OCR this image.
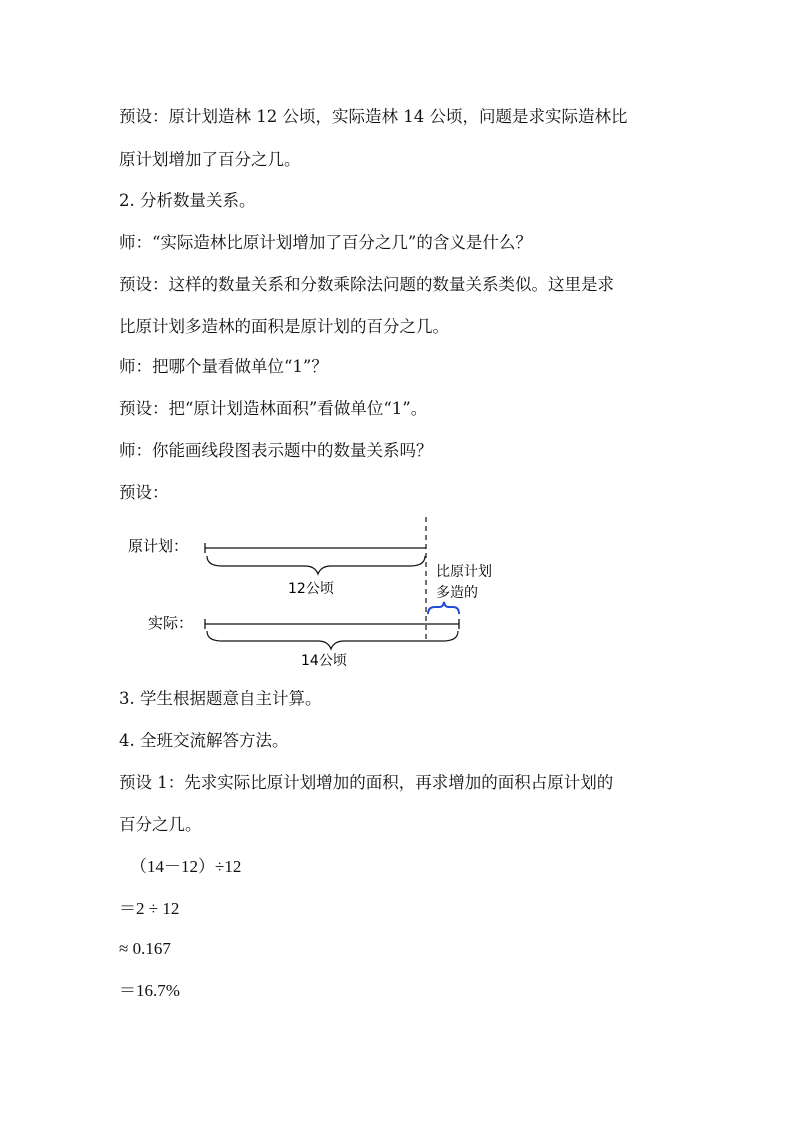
预设：原计划造林 12 公顷，实际造林 14 公顷，问题是求实际造林比
原计划增加了百分之几。
2. 分析数量关系。
师：“实际造林比原计划增加了百分之几”的含义是什么？
预设：这样的数量关系和分数乘除法问题的数量关系类似。这里是求
比原计划多造林的面积是原计划的百分之几。
师：把哪个量看做单位“1”？
预设：把“原计划造林面积”看做单位“1”。
师：你能画线段图表示题中的数量关系吗？
预设：
原计划：
实际：
12公顷
比原计划
多造的
14公顷
3. 学生根据题意自主计算。
4. 全班交流解答方法。
预设 1：先求实际比原计划增加的面积，再求增加的面积占原计划的
百分之几。
（14－12）÷12
＝2 ÷ 12
≈ 0.167
＝16.7%
